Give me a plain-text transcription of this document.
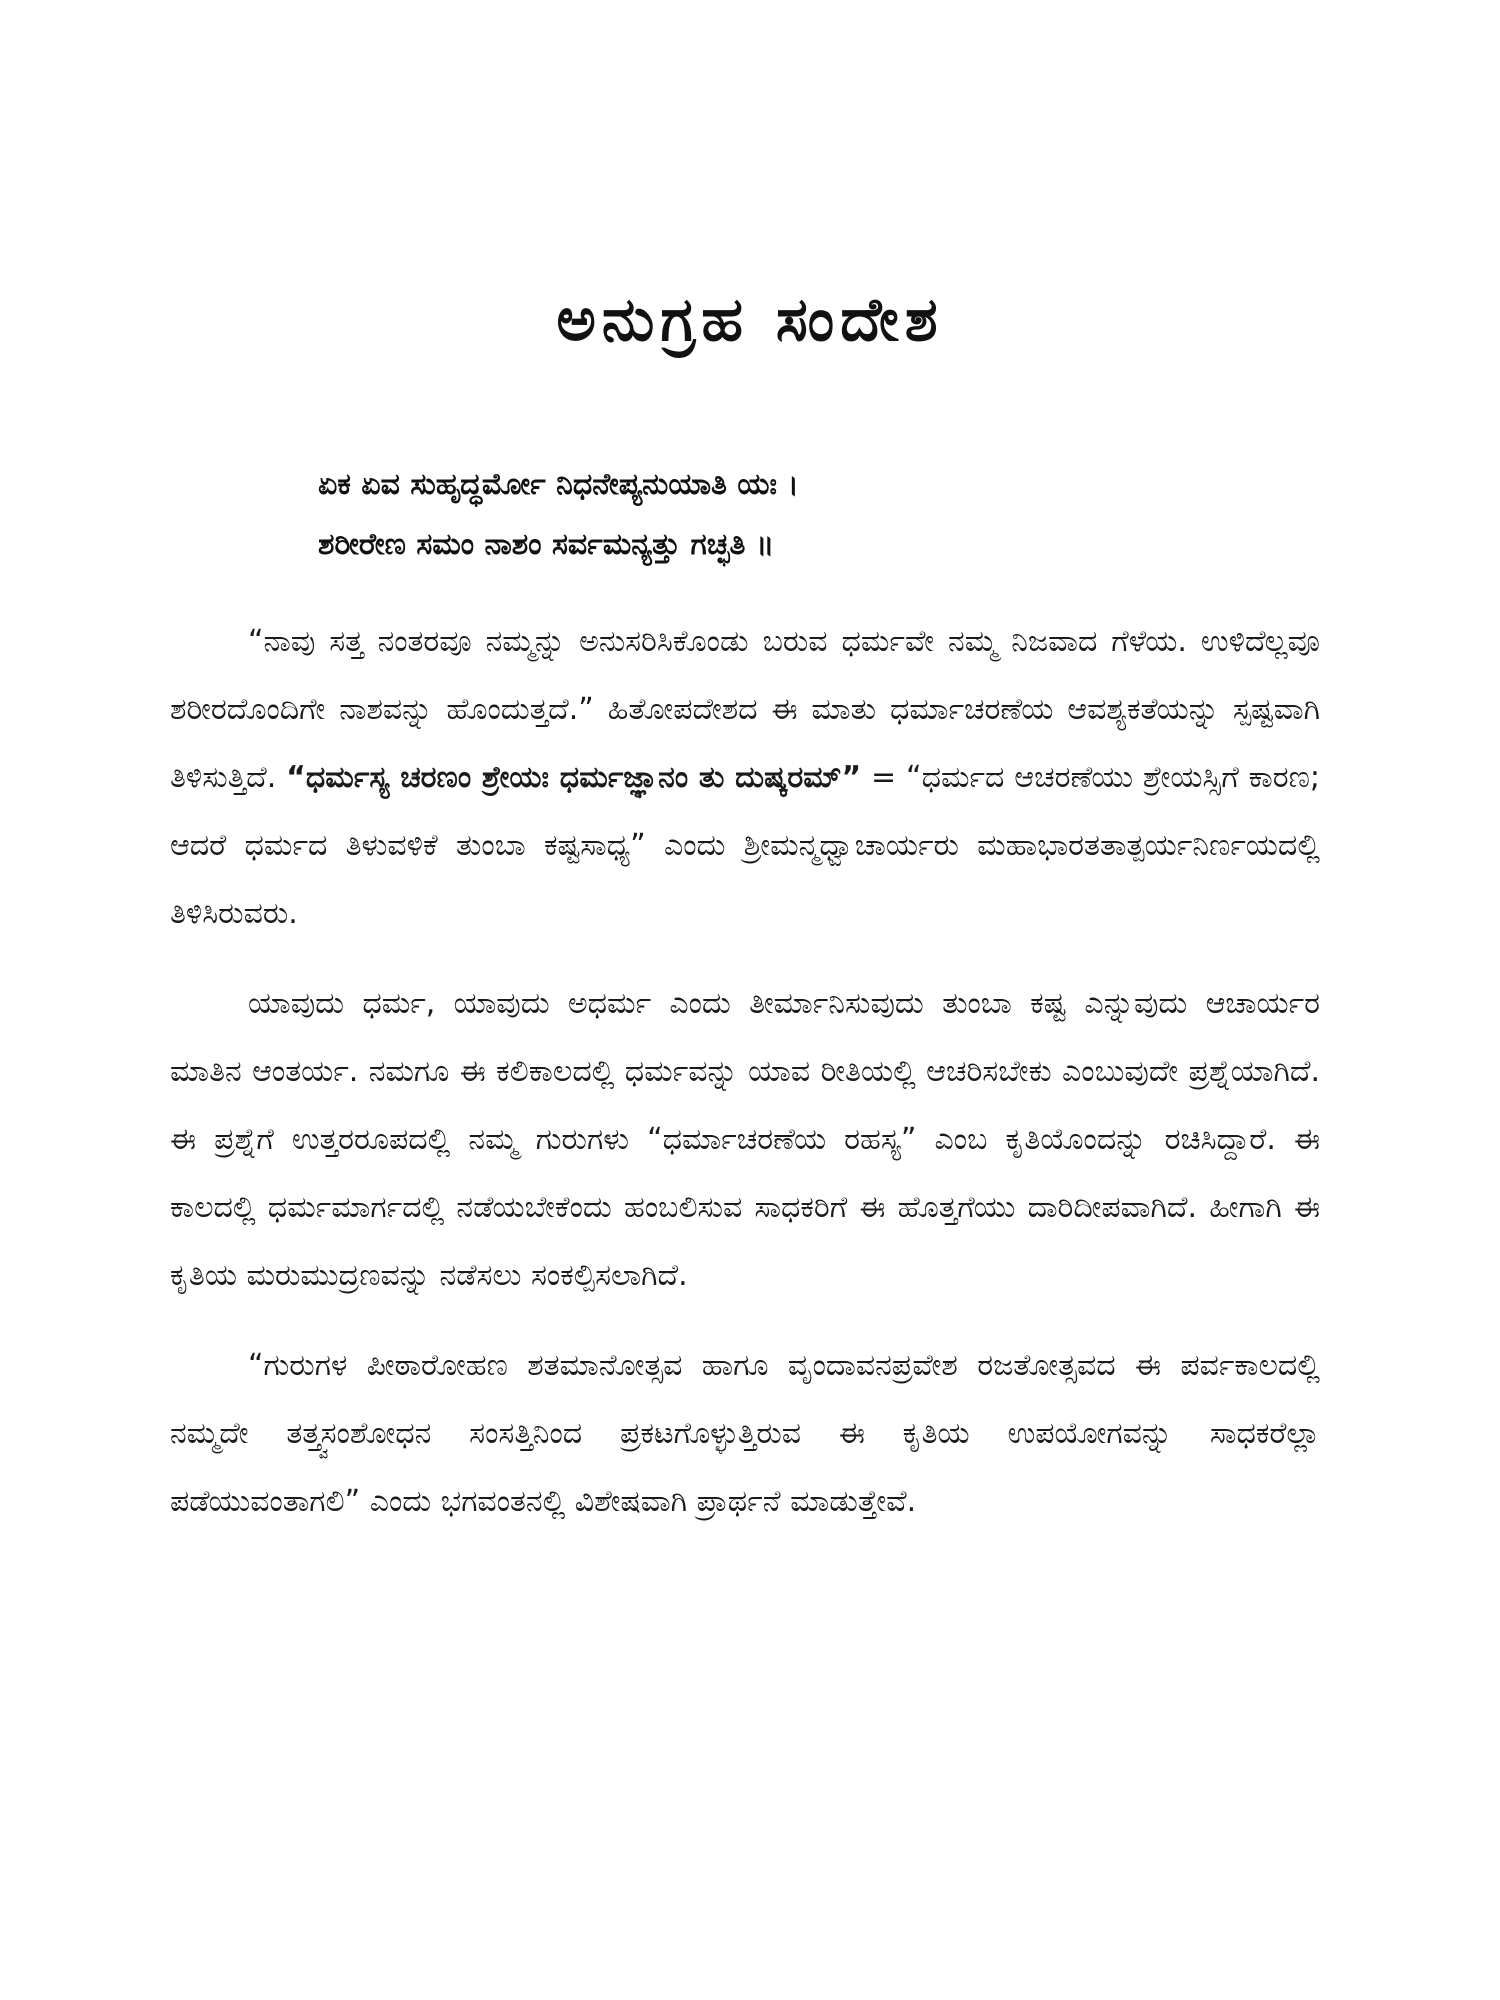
ಅನುಗ್ರಹ ಸಂದೇಶ
ಏಕ ಏವ ಸುಹೃದ್ಧರ್ಮೋ ನಿಧನೇಪ್ಯನುಯಾತಿ ಯಃ ।
ಶರೀರೇಣ ಸಮಂ ನಾಶಂ ಸರ್ವಮನ್ಯತ್ತು ಗಚ್ಛತಿ ॥

“ನಾವು ಸತ್ತ ನಂತರವೂ ನಮ್ಮನ್ನು ಅನುಸರಿಸಿಕೊಂಡು ಬರುವ ಧರ್ಮವೇ ನಮ್ಮ ನಿಜವಾದ ಗೆಳೆಯ. ಉಳಿದೆಲ್ಲವೂ ಶರೀರದೊಂದಿಗೇ ನಾಶವನ್ನು ಹೊಂದುತ್ತದೆ.” ಹಿತೋಪದೇಶದ ಈ ಮಾತು ಧರ್ಮಾಚರಣೆಯ ಆವಶ್ಯಕತೆಯನ್ನು ಸ್ಪಷ್ಟವಾಗಿ ತಿಳಿಸುತ್ತಿದೆ. “ಧರ್ಮಸ್ಯ ಚರಣಂ ಶ್ರೇಯಃ ಧರ್ಮಜ್ಞಾನಂ ತು ದುಷ್ಕರಮ್” = “ಧರ್ಮದ ಆಚರಣೆಯು ಶ್ರೇಯಸ್ಸಿಗೆ ಕಾರಣ; ಆದರೆ ಧರ್ಮದ ತಿಳುವಳಿಕೆ ತುಂಬಾ ಕಷ್ಟಸಾಧ್ಯ” ಎಂದು ಶ್ರೀಮನ್ಮಧ್ವಾಚಾರ್ಯರು ಮಹಾಭಾರತತಾತ್ಪರ್ಯನಿರ್ಣಯದಲ್ಲಿ ತಿಳಿಸಿರುವರು.

ಯಾವುದು ಧರ್ಮ, ಯಾವುದು ಅಧರ್ಮ ಎಂದು ತೀರ್ಮಾನಿಸುವುದು ತುಂಬಾ ಕಷ್ಟ ಎನ್ನುವುದು ಆಚಾರ್ಯರ ಮಾತಿನ ಆಂತರ್ಯ. ನಮಗೂ ಈ ಕಲಿಕಾಲದಲ್ಲಿ ಧರ್ಮವನ್ನು ಯಾವ ರೀತಿಯಲ್ಲಿ ಆಚರಿಸಬೇಕು ಎಂಬುವುದೇ ಪ್ರಶ್ನೆಯಾಗಿದೆ. ಈ ಪ್ರಶ್ನೆಗೆ ಉತ್ತರರೂಪದಲ್ಲಿ ನಮ್ಮ ಗುರುಗಳು “ಧರ್ಮಾಚರಣೆಯ ರಹಸ್ಯ” ಎಂಬ ಕೃತಿಯೊಂದನ್ನು ರಚಿಸಿದ್ದಾರೆ. ಈ ಕಾಲದಲ್ಲಿ ಧರ್ಮಮಾರ್ಗದಲ್ಲಿ ನಡೆಯಬೇಕೆಂದು ಹಂಬಲಿಸುವ ಸಾಧಕರಿಗೆ ಈ ಹೊತ್ತಗೆಯು ದಾರಿದೀಪವಾಗಿದೆ. ಹೀಗಾಗಿ ಈ ಕೃತಿಯ ಮರುಮುದ್ರಣವನ್ನು ನಡೆಸಲು ಸಂಕಲ್ಪಿಸಲಾಗಿದೆ.

“ಗುರುಗಳ ಪೀಠಾರೋಹಣ ಶತಮಾನೋತ್ಸವ ಹಾಗೂ ವೃಂದಾವನಪ್ರವೇಶ ರಜತೋತ್ಸವದ ಈ ಪರ್ವಕಾಲದಲ್ಲಿ ನಮ್ಮದೇ ತತ್ತ್ವಸಂಶೋಧನ ಸಂಸತ್ತಿನಿಂದ ಪ್ರಕಟಗೊಳ್ಳುತ್ತಿರುವ ಈ ಕೃತಿಯ ಉಪಯೋಗವನ್ನು ಸಾಧಕರೆಲ್ಲಾ ಪಡೆಯುವಂತಾಗಲಿ” ಎಂದು ಭಗವಂತನಲ್ಲಿ ವಿಶೇಷವಾಗಿ ಪ್ರಾರ್ಥನೆ ಮಾಡುತ್ತೇವೆ.
